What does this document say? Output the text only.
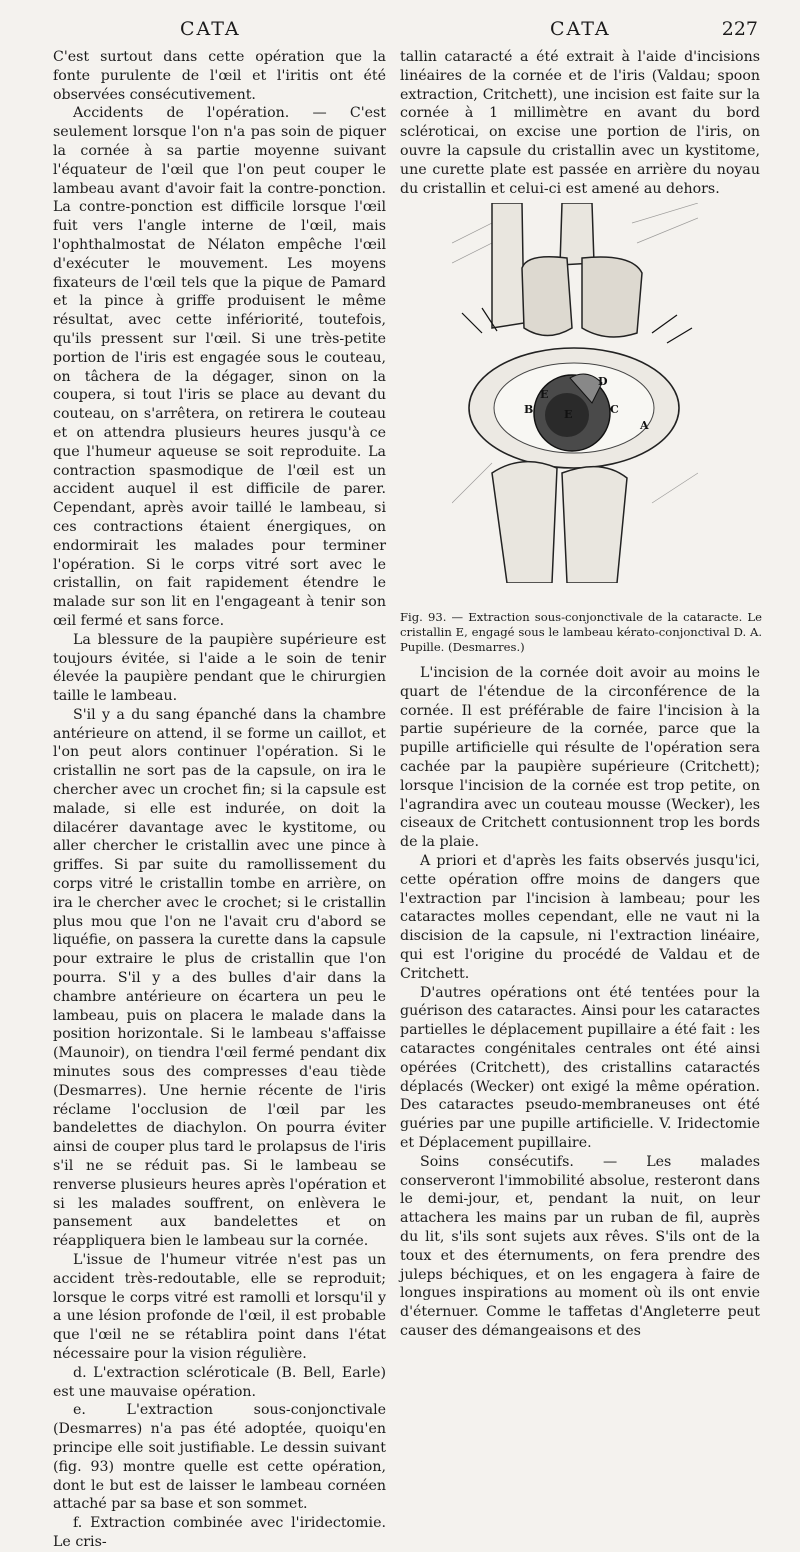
CATA	CATA	227

C'est surtout dans cette opération que la fonte purulente de l'œil et l'iritis ont été observées consécutivement.

Accidents de l'opération. — C'est seulement lorsque l'on n'a pas soin de piquer la cornée à sa partie moyenne suivant l'équateur de l'œil que l'on peut couper le lambeau avant d'avoir fait la contre-ponction. La contre-ponction est difficile lorsque l'œil fuit vers l'angle interne de l'œil, mais l'ophthalmostat de Nélaton empêche l'œil d'exécuter le mouvement. Les moyens fixateurs de l'œil tels que la pique de Pamard et la pince à griffe produisent le même résultat, avec cette infériorité, toutefois, qu'ils pressent sur l'œil. Si une très-petite portion de l'iris est engagée sous le couteau, on tâchera de la dégager, sinon on la coupera, si tout l'iris se place au devant du couteau, on s'arrêtera, on retirera le couteau et on attendra plusieurs heures jusqu'à ce que l'humeur aqueuse se soit reproduite. La contraction spasmodique de l'œil est un accident auquel il est difficile de parer. Cependant, après avoir taillé le lambeau, si ces contractions étaient énergiques, on endormirait les malades pour terminer l'opération. Si le corps vitré sort avec le cristallin, on fait rapidement étendre le malade sur son lit en l'engageant à tenir son œil fermé et sans force.

La blessure de la paupière supérieure est toujours évitée, si l'aide a le soin de tenir élevée la paupière pendant que le chirurgien taille le lambeau.

S'il y a du sang épanché dans la chambre antérieure on attend, il se forme un caillot, et l'on peut alors continuer l'opération. Si le cristallin ne sort pas de la capsule, on ira le chercher avec un crochet fin; si la capsule est malade, si elle est indurée, on doit la dilacérer davantage avec le kystitome, ou aller chercher le cristallin avec une pince à griffes. Si par suite du ramollissement du corps vitré le cristallin tombe en arrière, on ira le chercher avec le crochet; si le cristallin plus mou que l'on ne l'avait cru d'abord se liquéfie, on passera la curette dans la capsule pour extraire le plus de cristallin que l'on pourra. S'il y a des bulles d'air dans la chambre antérieure on écartera un peu le lambeau, puis on placera le malade dans la position horizontale. Si le lambeau s'affaisse (Maunoir), on tiendra l'œil fermé pendant dix minutes sous des compresses d'eau tiède (Desmarres). Une hernie récente de l'iris réclame l'occlusion de l'œil par les bandelettes de diachylon. On pourra éviter ainsi de couper plus tard le prolapsus de l'iris s'il ne se réduit pas. Si le lambeau se renverse plusieurs heures après l'opération et si les malades souffrent, on enlèvera le pansement aux bandelettes et on réappliquera bien le lambeau sur la cornée.

L'issue de l'humeur vitrée n'est pas un accident très-redoutable, elle se reproduit; lorsque le corps vitré est ramolli et lorsqu'il y a une lésion profonde de l'œil, il est probable que l'œil ne se rétablira point dans l'état nécessaire pour la vision régulière.

d. L'extraction scléroticale (B. Bell, Earle) est une mauvaise opération.

e. L'extraction sous-conjonctivale (Desmarres) n'a pas été adoptée, quoiqu'en principe elle soit justifiable. Le dessin suivant (fig. 93) montre quelle est cette opération, dont le but est de laisser le lambeau cornéen attaché par sa base et son sommet.

f. Extraction combinée avec l'iridectomie. Le cris-

tallin cataracté a été extrait à l'aide d'incisions linéaires de la cornée et de l'iris (Valdau; spoon extraction, Critchett), une incision est faite sur la cornée à 1 millimètre en avant du bord scléroticai, on excise une portion de l'iris, on ouvre la capsule du cristallin avec un kystitome, une curette plate est passée en arrière du noyau du cristallin et celui-ci est amené au dehors.

D
E
B	E	C
A
Fig. 93. — Extraction sous-conjonctivale de la cataracte. Le cristallin E, engagé sous le lambeau kérato-conjonctival D. A. Pupille. (Desmarres.)

L'incision de la cornée doit avoir au moins le quart de l'étendue de la circonférence de la cornée. Il est préférable de faire l'incision à la partie supérieure de la cornée, parce que la pupille artificielle qui résulte de l'opération sera cachée par la paupière supérieure (Critchett); lorsque l'incision de la cornée est trop petite, on l'agrandira avec un couteau mousse (Wecker), les ciseaux de Critchett contusionnent trop les bords de la plaie.

A priori et d'après les faits observés jusqu'ici, cette opération offre moins de dangers que l'extraction par l'incision à lambeau; pour les cataractes molles cependant, elle ne vaut ni la discision de la capsule, ni l'extraction linéaire, qui est l'origine du procédé de Valdau et de Critchett.

D'autres opérations ont été tentées pour la guérison des cataractes. Ainsi pour les cataractes partielles le déplacement pupillaire a été fait : les cataractes congénitales centrales ont été ainsi opérées (Critchett), des cristallins cataractés déplacés (Wecker) ont exigé la même opération. Des cataractes pseudo-membraneuses ont été guéries par une pupille artificielle. V. Iridectomie et Déplacement pupillaire.

Soins consécutifs. — Les malades conserveront l'immobilité absolue, resteront dans le demi-jour, et, pendant la nuit, on leur attachera les mains par un ruban de fil, auprès du lit, s'ils sont sujets aux rêves. S'ils ont de la toux et des éternuments, on fera prendre des juleps béchiques, et on les engagera à faire de longues inspirations au moment où ils ont envie d'éternuer. Comme le taffetas d'Angleterre peut causer des démangeaisons et des
